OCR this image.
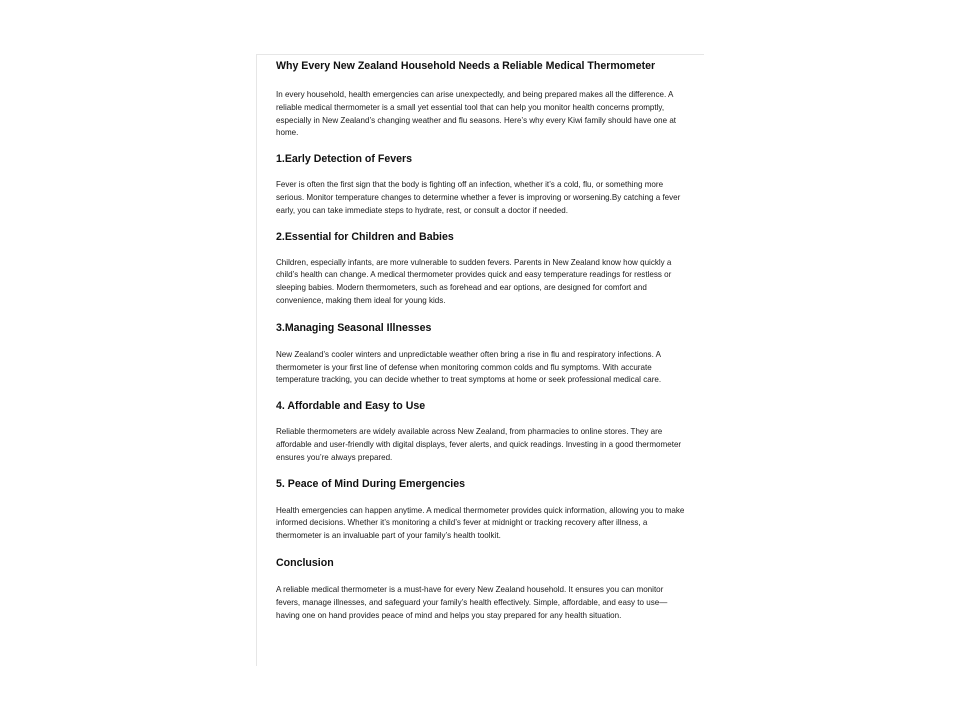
Why Every New Zealand Household Needs a Reliable Medical Thermometer

In every household, health emergencies can arise unexpectedly, and being prepared makes all the difference. A reliable medical thermometer is a small yet essential tool that can help you monitor health concerns promptly, especially in New Zealand’s changing weather and flu seasons. Here’s why every Kiwi family should have one at home.

1.Early Detection of Fevers

Fever is often the first sign that the body is fighting off an infection, whether it’s a cold, flu, or something more serious. Monitor temperature changes to determine whether a fever is improving or worsening.By catching a fever early, you can take immediate steps to hydrate, rest, or consult a doctor if needed.

2.Essential for Children and Babies

Children, especially infants, are more vulnerable to sudden fevers. Parents in New Zealand know how quickly a child’s health can change. A medical thermometer provides quick and easy temperature readings for restless or sleeping babies. Modern thermometers, such as forehead and ear options, are designed for comfort and convenience, making them ideal for young kids.

3.Managing Seasonal Illnesses

New Zealand’s cooler winters and unpredictable weather often bring a rise in flu and respiratory infections. A thermometer is your first line of defense when monitoring common colds and flu symptoms. With accurate temperature tracking, you can decide whether to treat symptoms at home or seek professional medical care.

4. Affordable and Easy to Use

Reliable thermometers are widely available across New Zealand, from pharmacies to online stores. They are affordable and user-friendly with digital displays, fever alerts, and quick readings. Investing in a good thermometer ensures you’re always prepared.

5. Peace of Mind During Emergencies

Health emergencies can happen anytime. A medical thermometer provides quick information, allowing you to make informed decisions. Whether it’s monitoring a child’s fever at midnight or tracking recovery after illness, a thermometer is an invaluable part of your family’s health toolkit.

Conclusion

A reliable medical thermometer is a must-have for every New Zealand household. It ensures you can monitor fevers, manage illnesses, and safeguard your family’s health effectively. Simple, affordable, and easy to use—having one on hand provides peace of mind and helps you stay prepared for any health situation.
